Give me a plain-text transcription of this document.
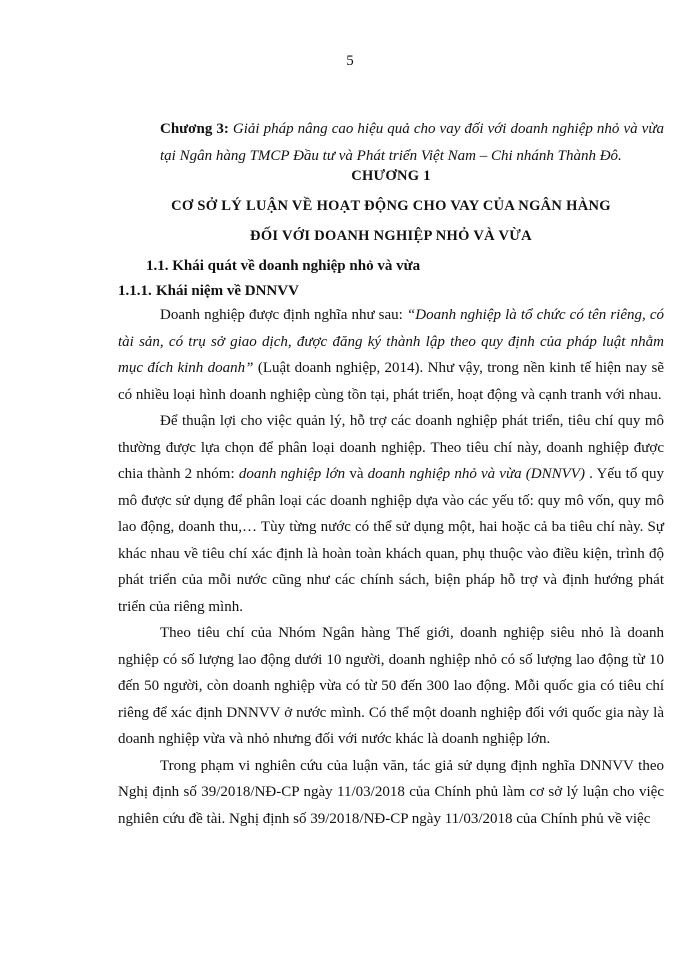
5
Chương 3: Giải pháp nâng cao hiệu quả cho vay đối với doanh nghiệp nhỏ và vừa tại Ngân hàng TMCP Đầu tư và Phát triển Việt Nam – Chi nhánh Thành Đô.
CHƯƠNG 1
CƠ SỞ LÝ LUẬN VỀ HOẠT ĐỘNG CHO VAY CỦA NGÂN HÀNG
ĐỐI VỚI DOANH NGHIỆP NHỎ VÀ VỪA
1.1. Khái quát về doanh nghiệp nhỏ và vừa
1.1.1. Khái niệm về DNNVV

Doanh nghiệp được định nghĩa như sau: “Doanh nghiệp là tổ chức có tên riêng, có tài sản, có trụ sở giao dịch, được đăng ký thành lập theo quy định của pháp luật nhằm mục đích kinh doanh” (Luật doanh nghiệp, 2014). Như vậy, trong nền kinh tế hiện nay sẽ có nhiều loại hình doanh nghiệp cùng tồn tại, phát triển, hoạt động và cạnh tranh với nhau.

Để thuận lợi cho việc quản lý, hỗ trợ các doanh nghiệp phát triển, tiêu chí quy mô thường được lựa chọn để phân loại doanh nghiệp. Theo tiêu chí này, doanh nghiệp được chia thành 2 nhóm: doanh nghiệp lớn và doanh nghiệp nhỏ và vừa (DNNVV) . Yếu tố quy mô được sử dụng để phân loại các doanh nghiệp dựa vào các yếu tố: quy mô vốn, quy mô lao động, doanh thu,… Tùy từng nước có thể sử dụng một, hai hoặc cả ba tiêu chí này. Sự khác nhau về tiêu chí xác định là hoàn toàn khách quan, phụ thuộc vào điều kiện, trình độ phát triển của mỗi nước cũng như các chính sách, biện pháp hỗ trợ và định hướng phát triển của riêng mình.

Theo tiêu chí của Nhóm Ngân hàng Thế giới, doanh nghiệp siêu nhỏ là doanh nghiệp có số lượng lao động dưới 10 người, doanh nghiệp nhỏ có số lượng lao động từ 10 đến 50 người, còn doanh nghiệp vừa có từ 50 đến 300 lao động. Mỗi quốc gia có tiêu chí riêng để xác định DNNVV ở nước mình. Có thể một doanh nghiệp đối với quốc gia này là doanh nghiệp vừa và nhỏ nhưng đối với nước khác là doanh nghiệp lớn.

Trong phạm vi nghiên cứu của luận văn, tác giả sử dụng định nghĩa DNNVV theo Nghị định số 39/2018/NĐ-CP ngày 11/03/2018 của Chính phủ làm cơ sở lý luận cho việc nghiên cứu đề tài. Nghị định số 39/2018/NĐ-CP ngày 11/03/2018 của Chính phủ về việc
